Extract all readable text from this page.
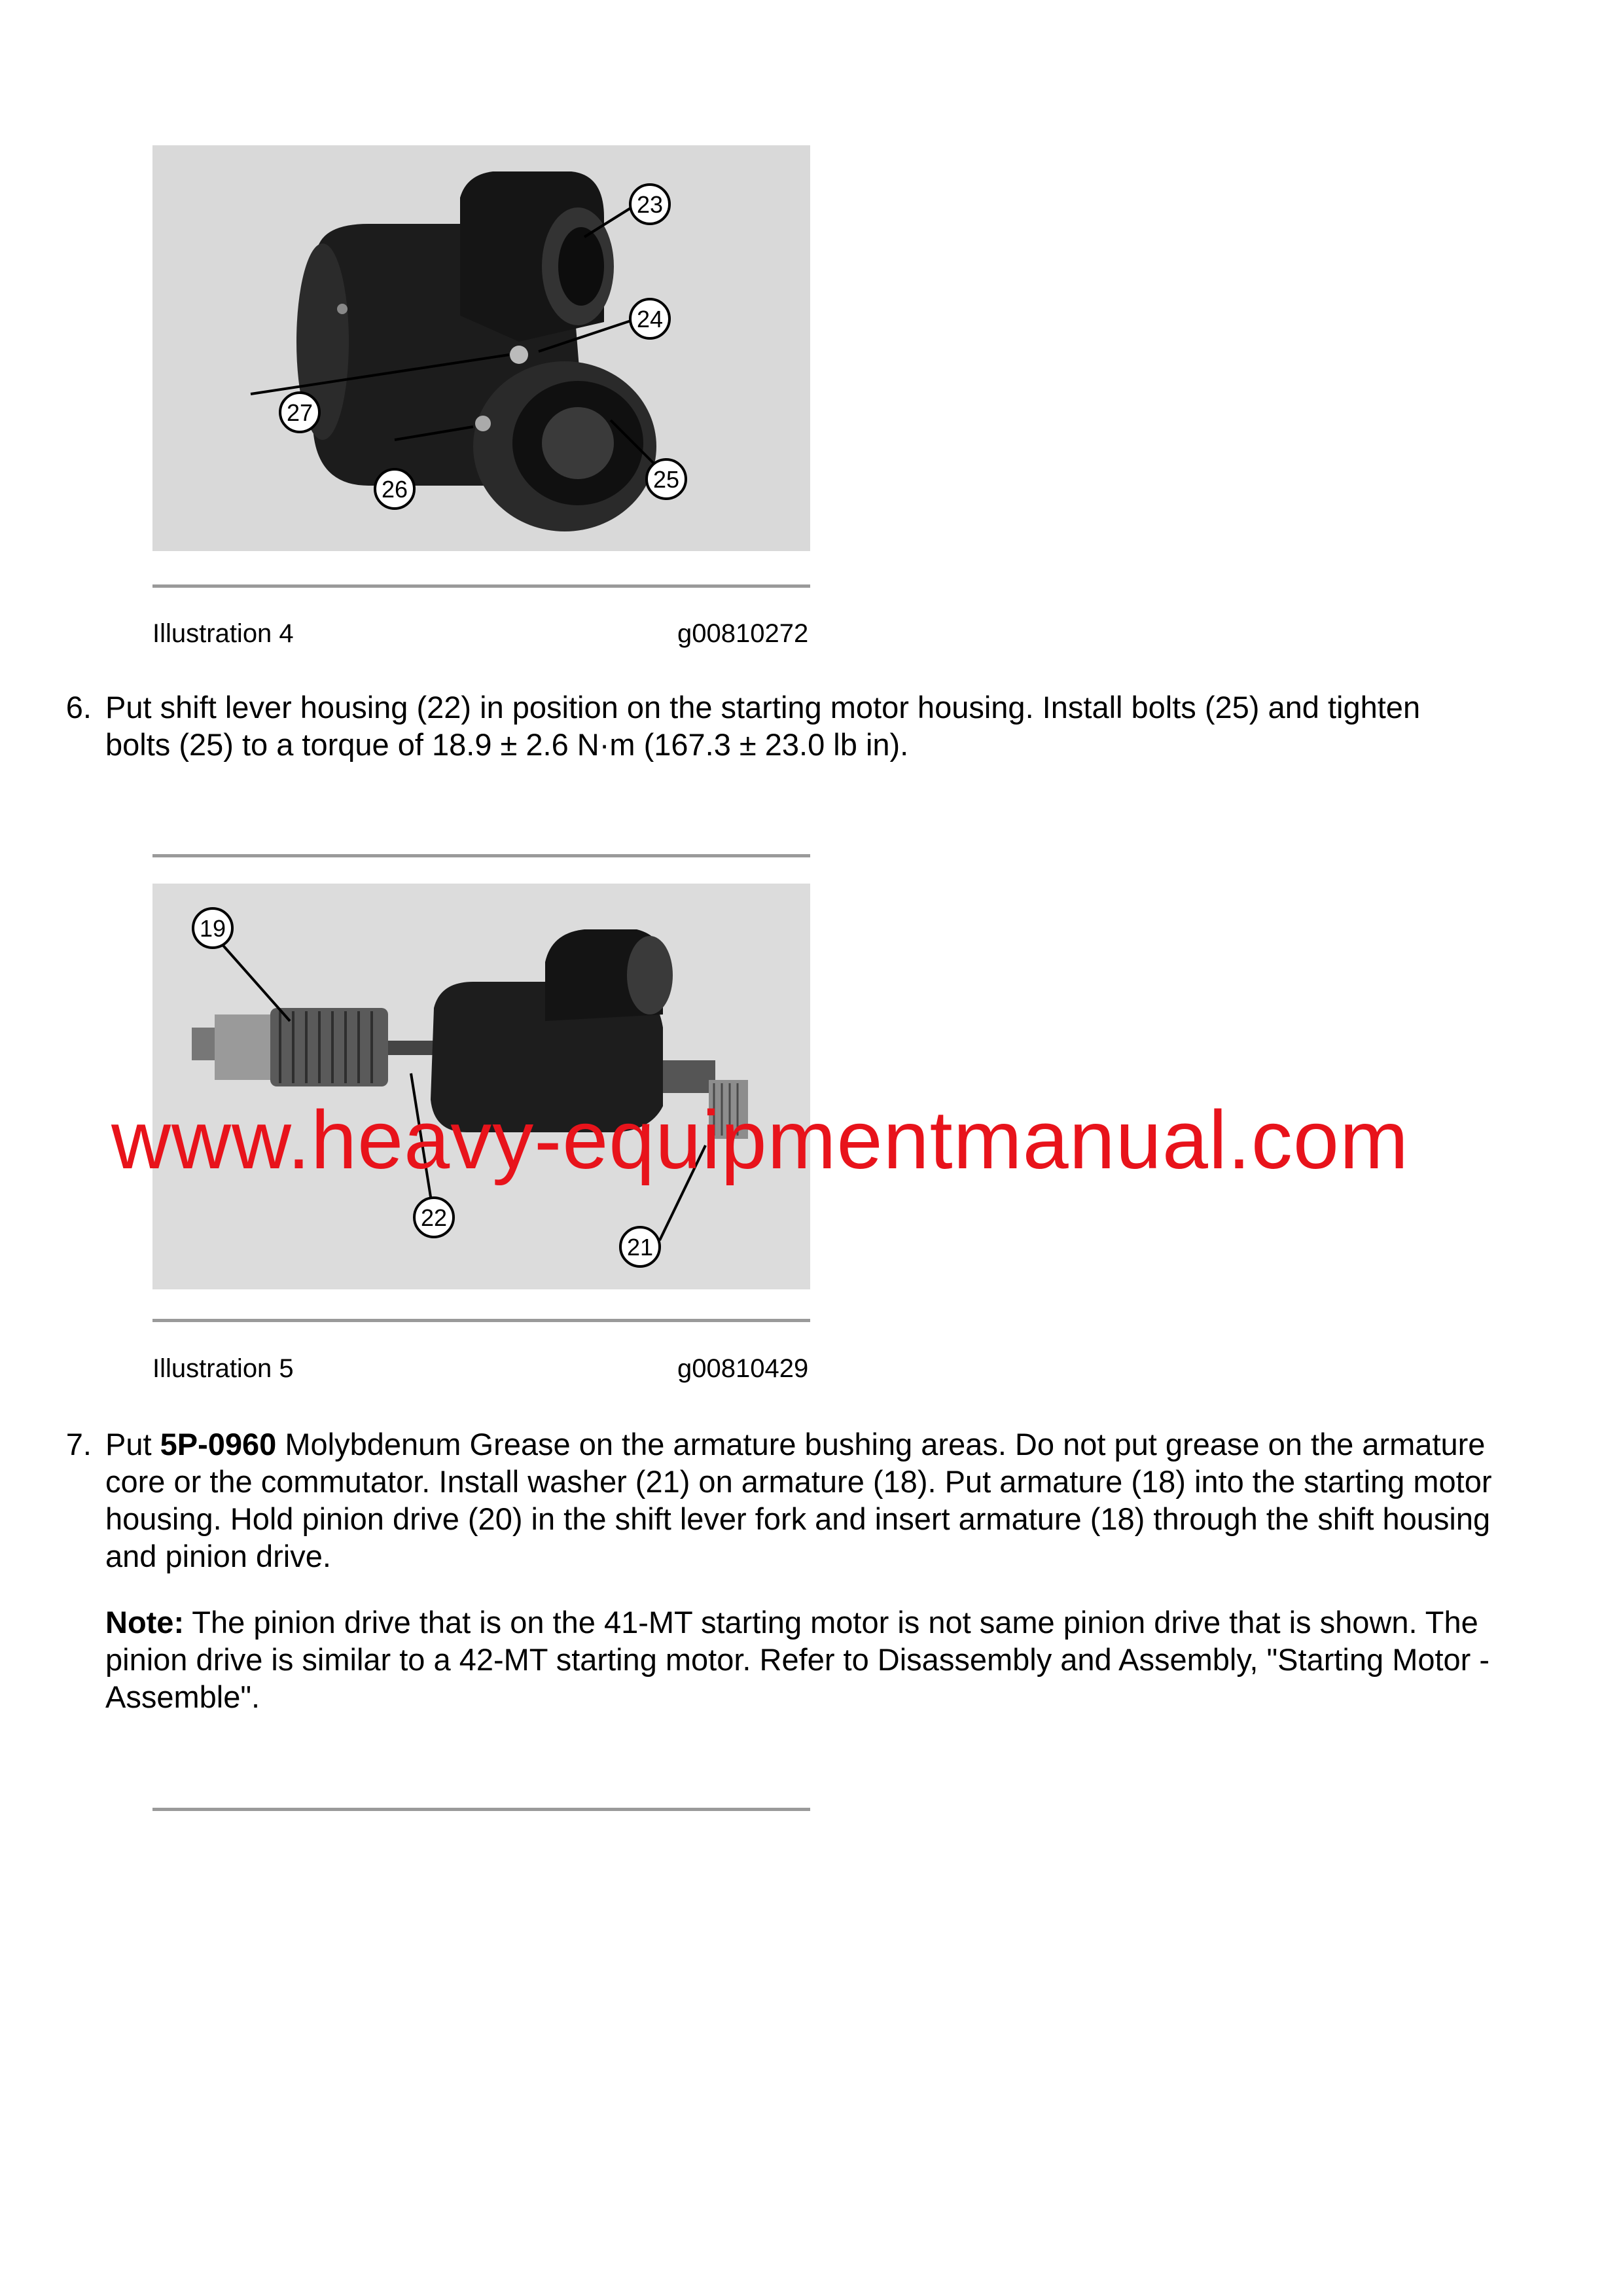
23
24
25
26
27
Illustration 4	g00810272
6. Put shift lever housing (22) in position on the starting motor housing. Install bolts (25) and tighten bolts (25) to a torque of 18.9 ± 2.6 N·m (167.3 ± 23.0 lb in).
19
22
21
Illustration 5	g00810429
www.heavy-equipmentmanual.com
7. Put 5P-0960 Molybdenum Grease on the armature bushing areas. Do not put grease on the armature core or the commutator. Install washer (21) on armature (18). Put armature (18) into the starting motor housing. Hold pinion drive (20) in the shift lever fork and insert armature (18) through the shift housing and pinion drive.
Note: The pinion drive that is on the 41-MT starting motor is not same pinion drive that is shown. The pinion drive is similar to a 42-MT starting motor. Refer to Disassembly and Assembly, "Starting Motor - Assemble".
